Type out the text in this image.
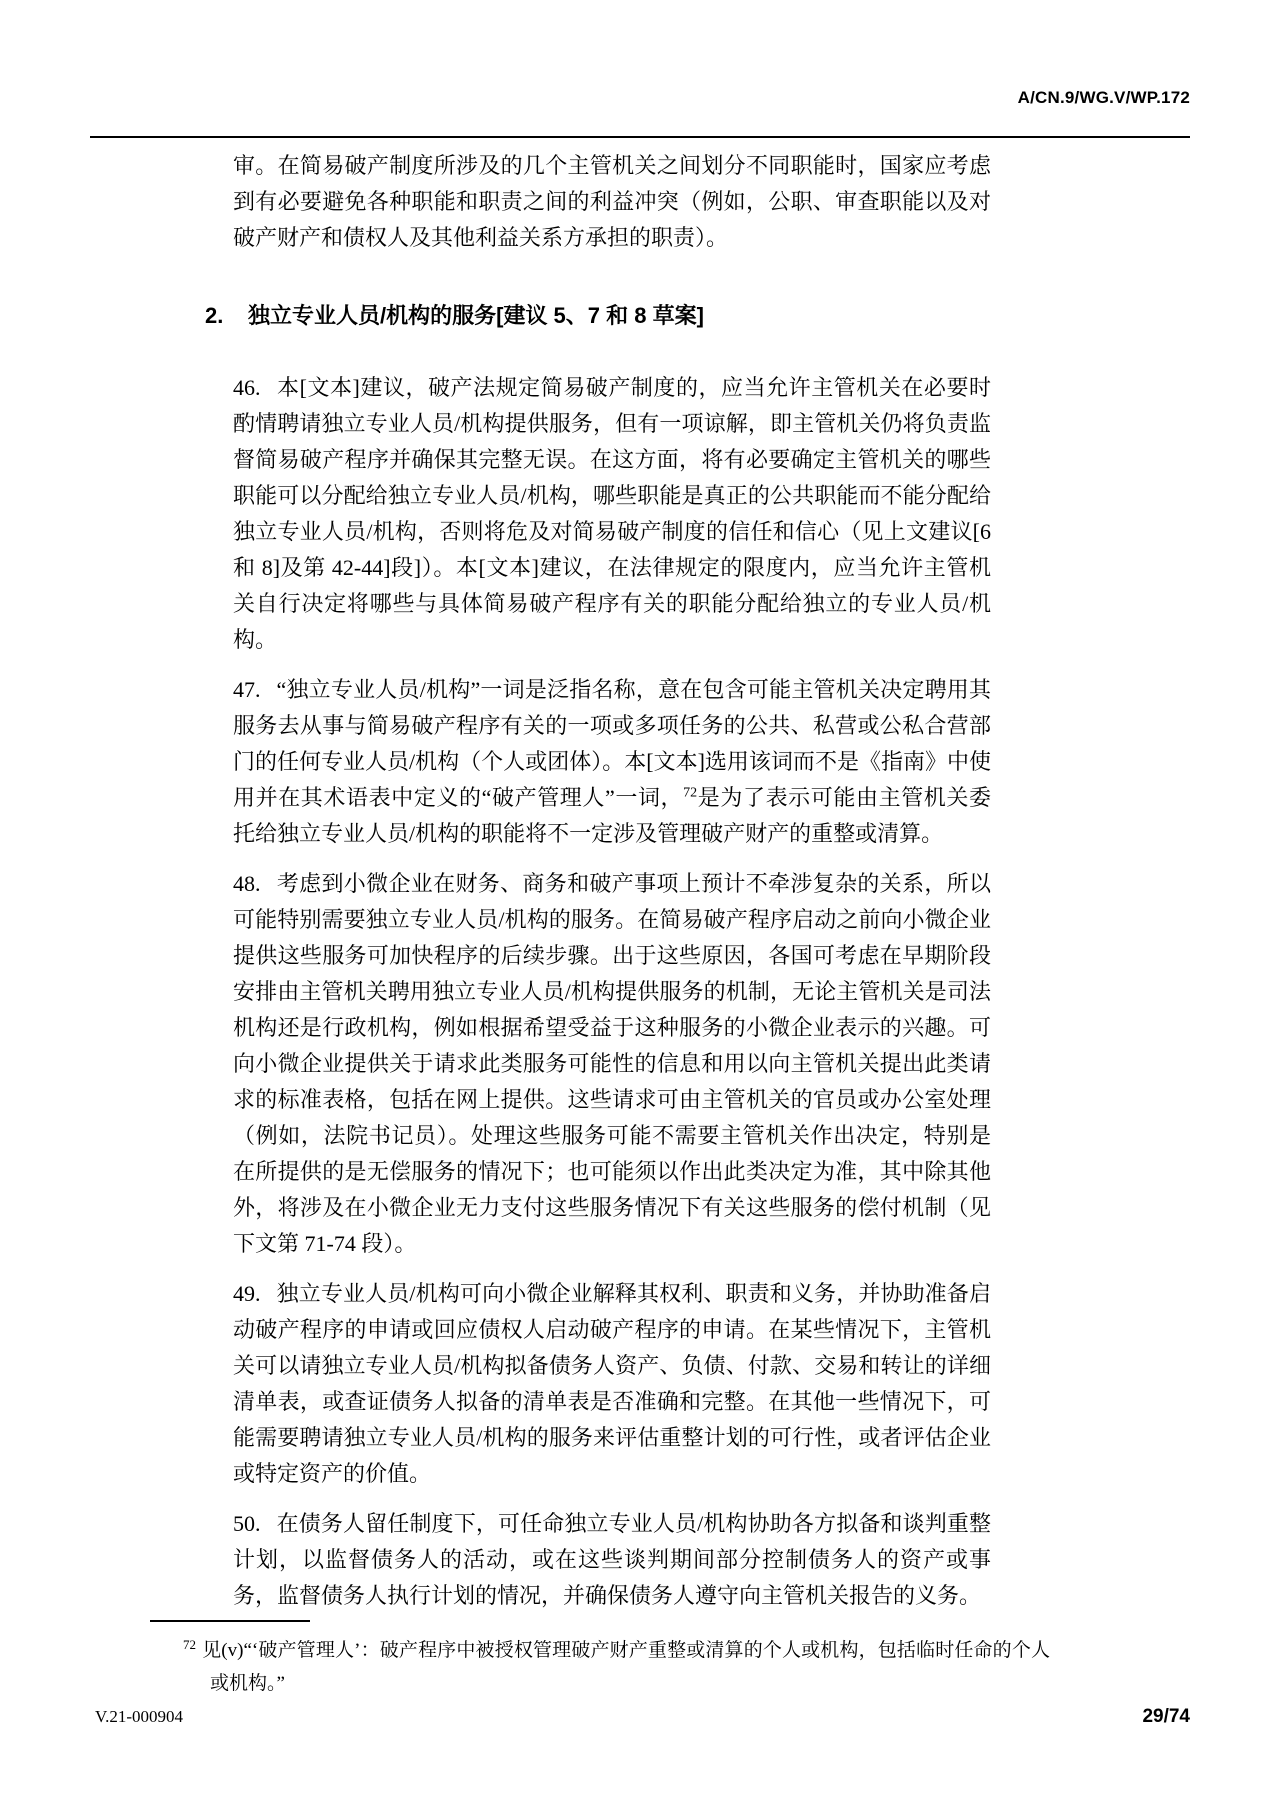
A/CN.9/WG.V/WP.172

审。在简易破产制度所涉及的几个主管机关之间划分不同职能时，国家应考虑到有必要避免各种职能和职责之间的利益冲突（例如，公职、审查职能以及对破产财产和债权人及其他利益关系方承担的职责）。

2.	独立专业人员/机构的服务[建议 5、7 和 8 草案]

46. 本[文本]建议，破产法规定简易破产制度的，应当允许主管机关在必要时酌情聘请独立专业人员/机构提供服务，但有一项谅解，即主管机关仍将负责监督简易破产程序并确保其完整无误。在这方面，将有必要确定主管机关的哪些职能可以分配给独立专业人员/机构，哪些职能是真正的公共职能而不能分配给独立专业人员/机构，否则将危及对简易破产制度的信任和信心（见上文建议[6 和 8]及第 42-44]段]）。本[文本]建议，在法律规定的限度内，应当允许主管机关自行决定将哪些与具体简易破产程序有关的职能分配给独立的专业人员/机构。

47. “独立专业人员/机构”一词是泛指名称，意在包含可能主管机关决定聘用其服务去从事与简易破产程序有关的一项或多项任务的公共、私营或公私合营部门的任何专业人员/机构（个人或团体）。本[文本]选用该词而不是《指南》中使用并在其术语表中定义的“破产管理人”一词，$^{72}$是为了表示可能由主管机关委托给独立专业人员/机构的职能将不一定涉及管理破产财产的重整或清算。

48. 考虑到小微企业在财务、商务和破产事项上预计不牵涉复杂的关系，所以可能特别需要独立专业人员/机构的服务。在简易破产程序启动之前向小微企业提供这些服务可加快程序的后续步骤。出于这些原因，各国可考虑在早期阶段安排由主管机关聘用独立专业人员/机构提供服务的机制，无论主管机关是司法机构还是行政机构，例如根据希望受益于这种服务的小微企业表示的兴趣。可向小微企业提供关于请求此类服务可能性的信息和用以向主管机关提出此类请求的标准表格，包括在网上提供。这些请求可由主管机关的官员或办公室处理（例如，法院书记员）。处理这些服务可能不需要主管机关作出决定，特别是在所提供的是无偿服务的情况下；也可能须以作出此类决定为准，其中除其他外，将涉及在小微企业无力支付这些服务情况下有关这些服务的偿付机制（见下文第 71-74 段）。

49. 独立专业人员/机构可向小微企业解释其权利、职责和义务，并协助准备启动破产程序的申请或回应债权人启动破产程序的申请。在某些情况下，主管机关可以请独立专业人员/机构拟备债务人资产、负债、付款、交易和转让的详细清单表，或查证债务人拟备的清单表是否准确和完整。在其他一些情况下，可能需要聘请独立专业人员/机构的服务来评估重整计划的可行性，或者评估企业或特定资产的价值。

50. 在债务人留任制度下，可任命独立专业人员/机构协助各方拟备和谈判重整计划，以监督债务人的活动，或在这些谈判期间部分控制债务人的资产或事务，监督债务人执行计划的情况，并确保债务人遵守向主管机关报告的义务。

$^{72}$ 见(v)“‘破产管理人’：破产程序中被授权管理破产财产重整或清算的个人或机构，包括临时任命的个人或机构。”
V.21-000904	29/74
